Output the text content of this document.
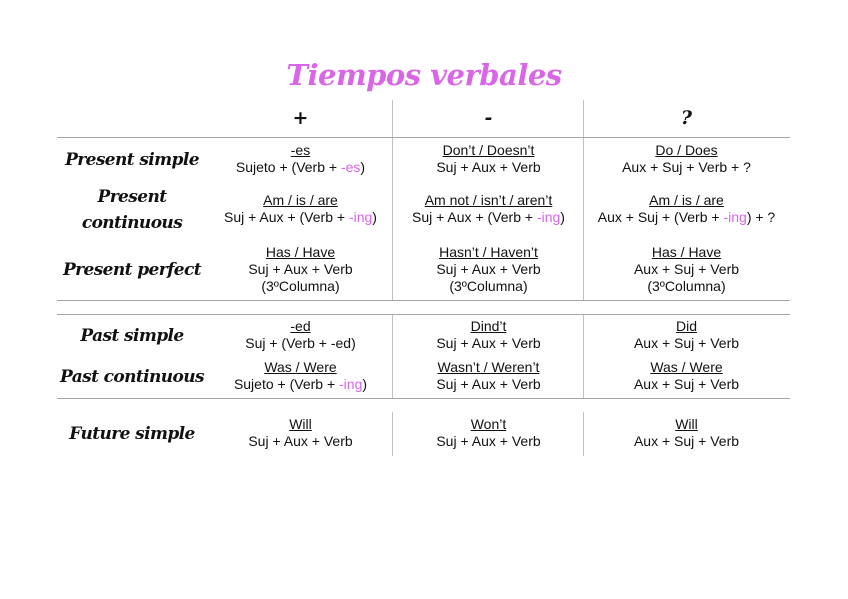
Tiempos verbales
+	-	?
Present simple
Present
continuous
Present perfect
Past simple
Past continuous
Future simple
-es
Sujeto + (Verb + -es)
Don’t / Doesn’t
Suj + Aux + Verb
Do / Does
Aux + Suj + Verb + ?
Am / is / are
Suj + Aux + (Verb + -ing)
Am not / isn’t / aren’t
Suj + Aux + (Verb + -ing)
Am / is / are
Aux + Suj + (Verb + -ing) + ?
Has / Have
Suj + Aux + Verb
(3ºColumna)
Hasn’t / Haven’t
Suj + Aux + Verb
(3ºColumna)
Has / Have
Aux + Suj + Verb
(3ºColumna)
-ed
Suj + (Verb + -ed)
Dind’t
Suj + Aux + Verb
Did
Aux + Suj + Verb
Was / Were
Sujeto + (Verb + -ing)
Wasn’t / Weren’t
Suj + Aux + Verb
Was / Were
Aux + Suj + Verb
Will
Suj + Aux + Verb
Won’t
Suj + Aux + Verb
Will
Aux + Suj + Verb
